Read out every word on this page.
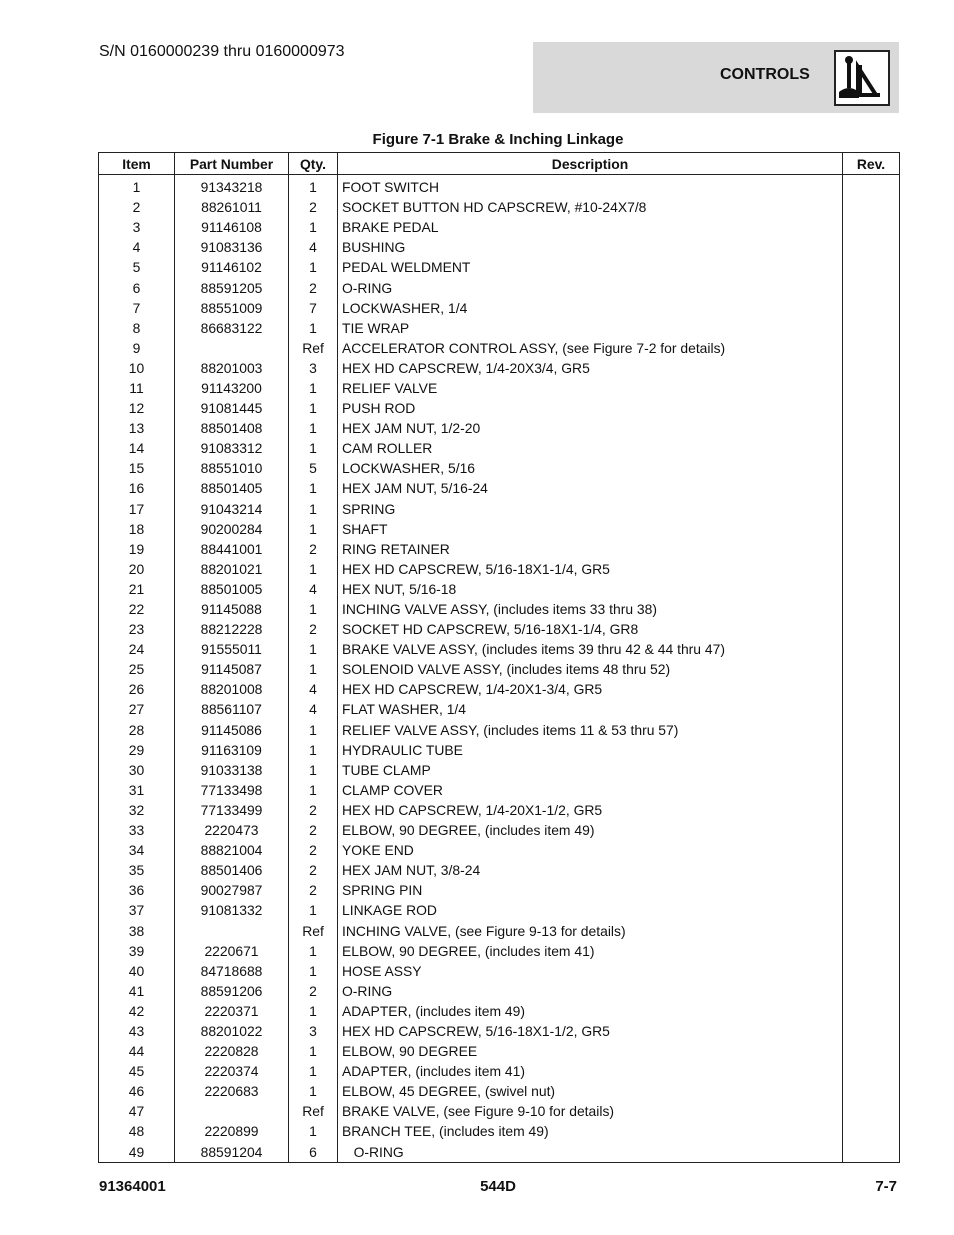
S/N 0160000239 thru 0160000973
CONTROLS
Figure 7-1 Brake & Inching Linkage
Item	Part Number	Qty.	Description	Rev.
1	91343218	1	FOOT SWITCH	
2	88261011	2	SOCKET BUTTON HD CAPSCREW, #10-24X7/8	
3	91146108	1	BRAKE PEDAL	
4	91083136	4	BUSHING	
5	91146102	1	PEDAL WELDMENT	
6	88591205	2	O-RING	
7	88551009	7	LOCKWASHER, 1/4	
8	86683122	1	TIE WRAP	
9		Ref	ACCELERATOR CONTROL ASSY, (see Figure 7-2 for details)	
10	88201003	3	HEX HD CAPSCREW, 1/4-20X3/4, GR5	
11	91143200	1	RELIEF VALVE	
12	91081445	1	PUSH ROD	
13	88501408	1	HEX JAM NUT, 1/2-20	
14	91083312	1	CAM ROLLER	
15	88551010	5	LOCKWASHER, 5/16	
16	88501405	1	HEX JAM NUT, 5/16-24	
17	91043214	1	SPRING	
18	90200284	1	SHAFT	
19	88441001	2	RING RETAINER	
20	88201021	1	HEX HD CAPSCREW, 5/16-18X1-1/4, GR5	
21	88501005	4	HEX NUT, 5/16-18	
22	91145088	1	INCHING VALVE ASSY, (includes items 33 thru 38)	
23	88212228	2	SOCKET HD CAPSCREW, 5/16-18X1-1/4, GR8	
24	91555011	1	BRAKE VALVE ASSY, (includes items 39 thru 42 & 44 thru 47)	
25	91145087	1	SOLENOID VALVE ASSY, (includes items 48 thru 52)	
26	88201008	4	HEX HD CAPSCREW, 1/4-20X1-3/4, GR5	
27	88561107	4	FLAT WASHER, 1/4	
28	91145086	1	RELIEF VALVE ASSY, (includes items 11 & 53 thru 57)	
29	91163109	1	HYDRAULIC TUBE	
30	91033138	1	TUBE CLAMP	
31	77133498	1	CLAMP COVER	
32	77133499	2	HEX HD CAPSCREW, 1/4-20X1-1/2, GR5	
33	2220473	2	ELBOW, 90 DEGREE, (includes item 49)	
34	88821004	2	YOKE END	
35	88501406	2	HEX JAM NUT, 3/8-24	
36	90027987	2	SPRING PIN	
37	91081332	1	LINKAGE ROD	
38		Ref	INCHING VALVE, (see Figure 9-13 for details)	
39	2220671	1	ELBOW, 90 DEGREE, (includes item 41)	
40	84718688	1	HOSE ASSY	
41	88591206	2	O-RING	
42	2220371	1	ADAPTER, (includes item 49)	
43	88201022	3	HEX HD CAPSCREW, 5/16-18X1-1/2, GR5	
44	2220828	1	ELBOW, 90 DEGREE	
45	2220374	1	ADAPTER, (includes item 41)	
46	2220683	1	ELBOW, 45 DEGREE, (swivel nut)	
47		Ref	BRAKE VALVE, (see Figure 9-10 for details)	
48	2220899	1	BRANCH TEE, (includes item 49)	
49	88591204	6	O-RING	
91364001	544D	7-7
